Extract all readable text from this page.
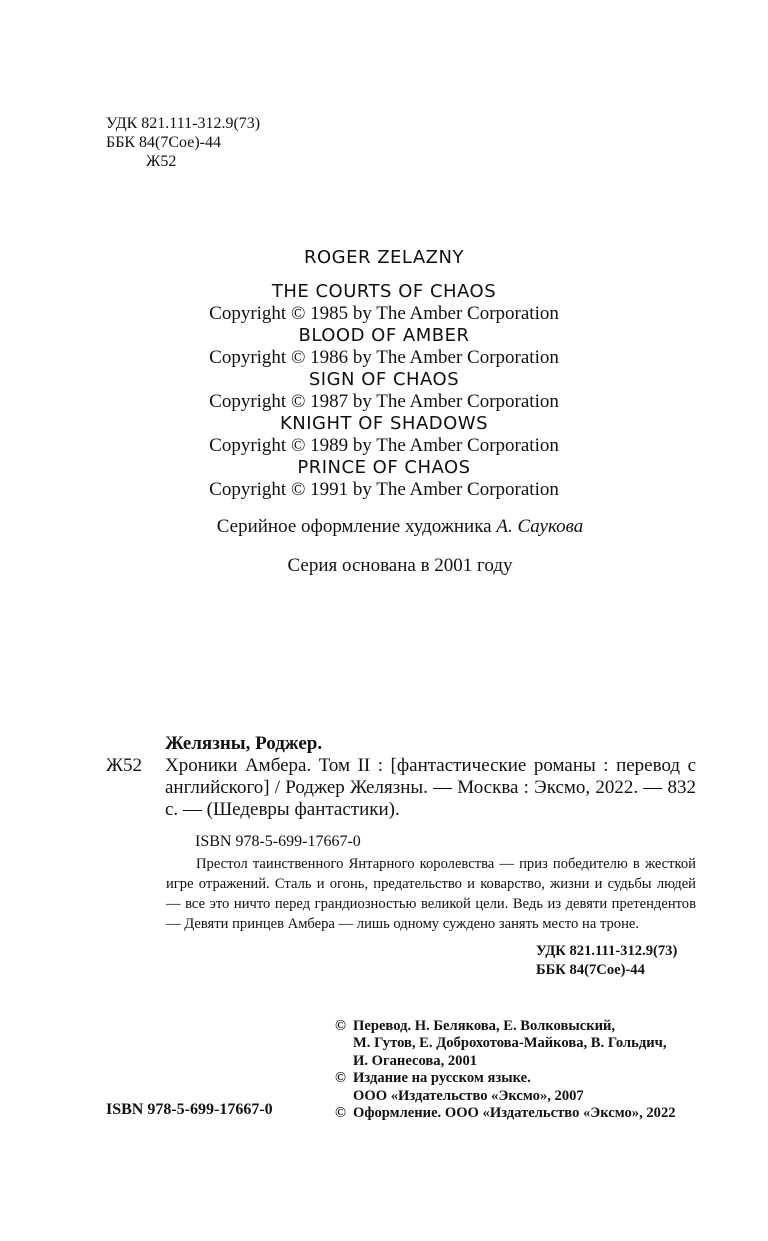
УДК 821.111-312.9(73)
ББК 84(7Сое)-44
Ж52
ROGER ZELAZNY
THE COURTS OF CHAOS
Copyright © 1985 by The Amber Corporation
BLOOD OF AMBER
Copyright © 1986 by The Amber Corporation
SIGN OF CHAOS
Copyright © 1987 by The Amber Corporation
KNIGHT OF SHADOWS
Copyright © 1989 by The Amber Corporation
PRINCE OF CHAOS
Copyright © 1991 by The Amber Corporation
Серийное оформление художника А. Саукова
Серия основана в 2001 году
Желязны, Роджер.
Ж52	Хроники Амбера. Том II : [фантастические романы : перевод с английского] / Роджер Желязны. — Москва : Эксмо, 2022. — 832 с. — (Шедевры фантастики).
ISBN 978-5-699-17667-0
Престол таинственного Янтарного королевства — приз победителю в жесткой игре отражений. Сталь и огонь, предательство и коварство, жизни и судьбы людей — все это ничто перед грандиозностью великой цели. Ведь из девяти претендентов — Девяти принцев Амбера — лишь одному суждено занять место на троне.
УДК 821.111-312.9(73)
ББК 84(7Сое)-44
ISBN 978-5-699-17667-0
© Перевод. Н. Белякова, Е. Волковыский,
М. Гутов, Е. Доброхотова-Майкова, В. Гольдич,
И. Оганесова, 2001
© Издание на русском языке.
ООО «Издательство «Эксмо», 2007
© Оформление. ООО «Издательство «Эксмо», 2022
